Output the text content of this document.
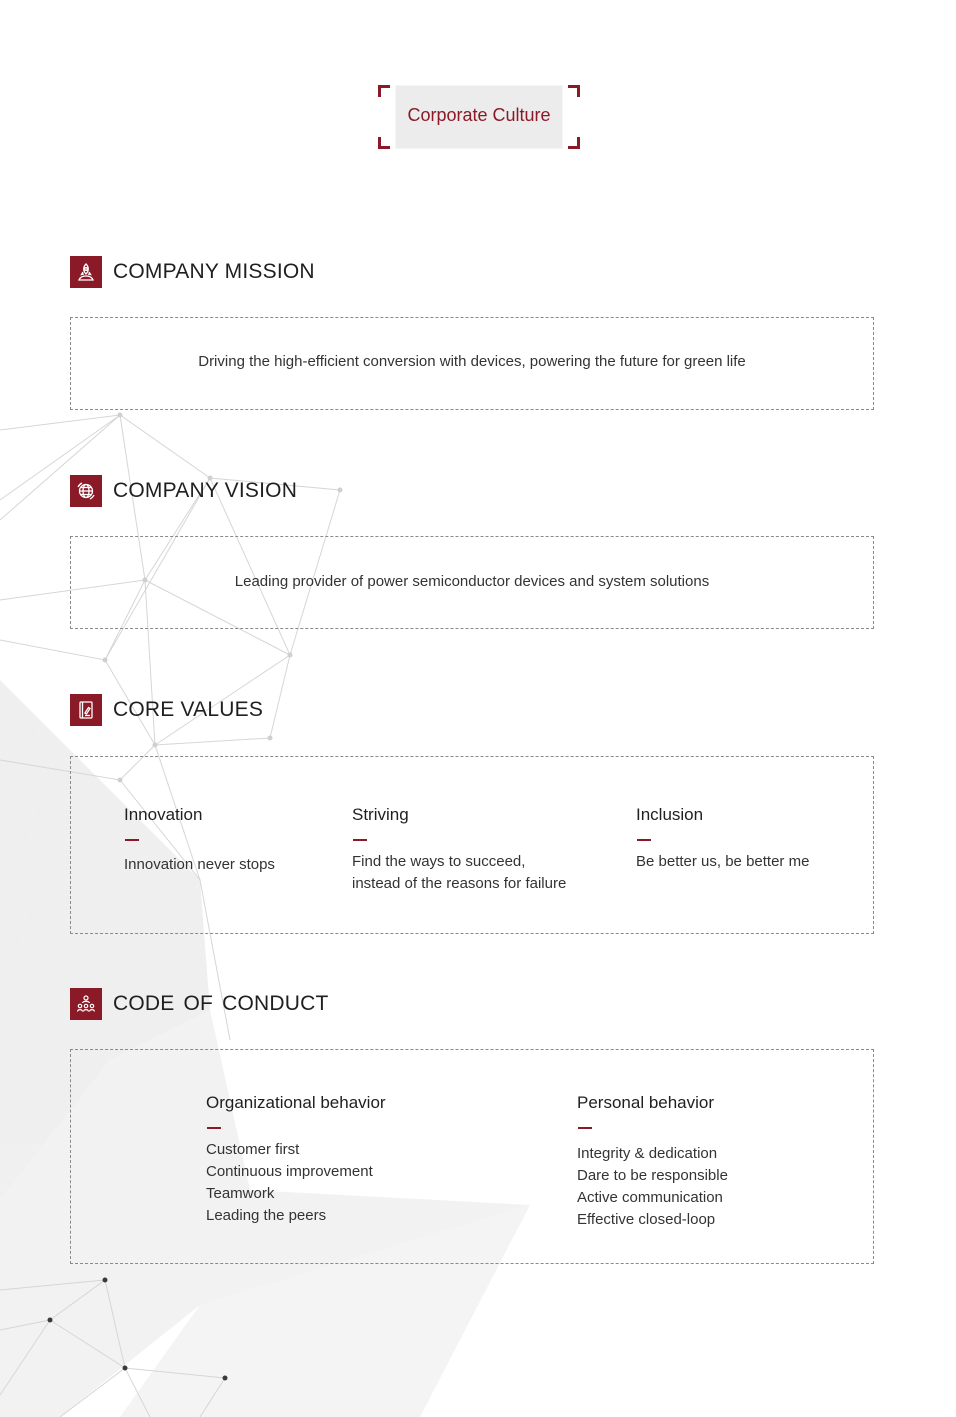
Corporate Culture
COMPANY MISSION
Driving the high-efficient conversion with devices, powering the future for green life
COMPANY VISION
Leading provider of power semiconductor devices and system solutions
CORE VALUES
Innovation
Innovation never stops
Striving
Find the ways to succeed,
instead of the reasons for failure
Inclusion
Be better us, be better me
CODE OF CONDUCT
Organizational behavior
Customer first
Continuous improvement
Teamwork
Leading the peers
Personal behavior
Integrity & dedication
Dare to be responsible
Active communication
Effective closed-loop
